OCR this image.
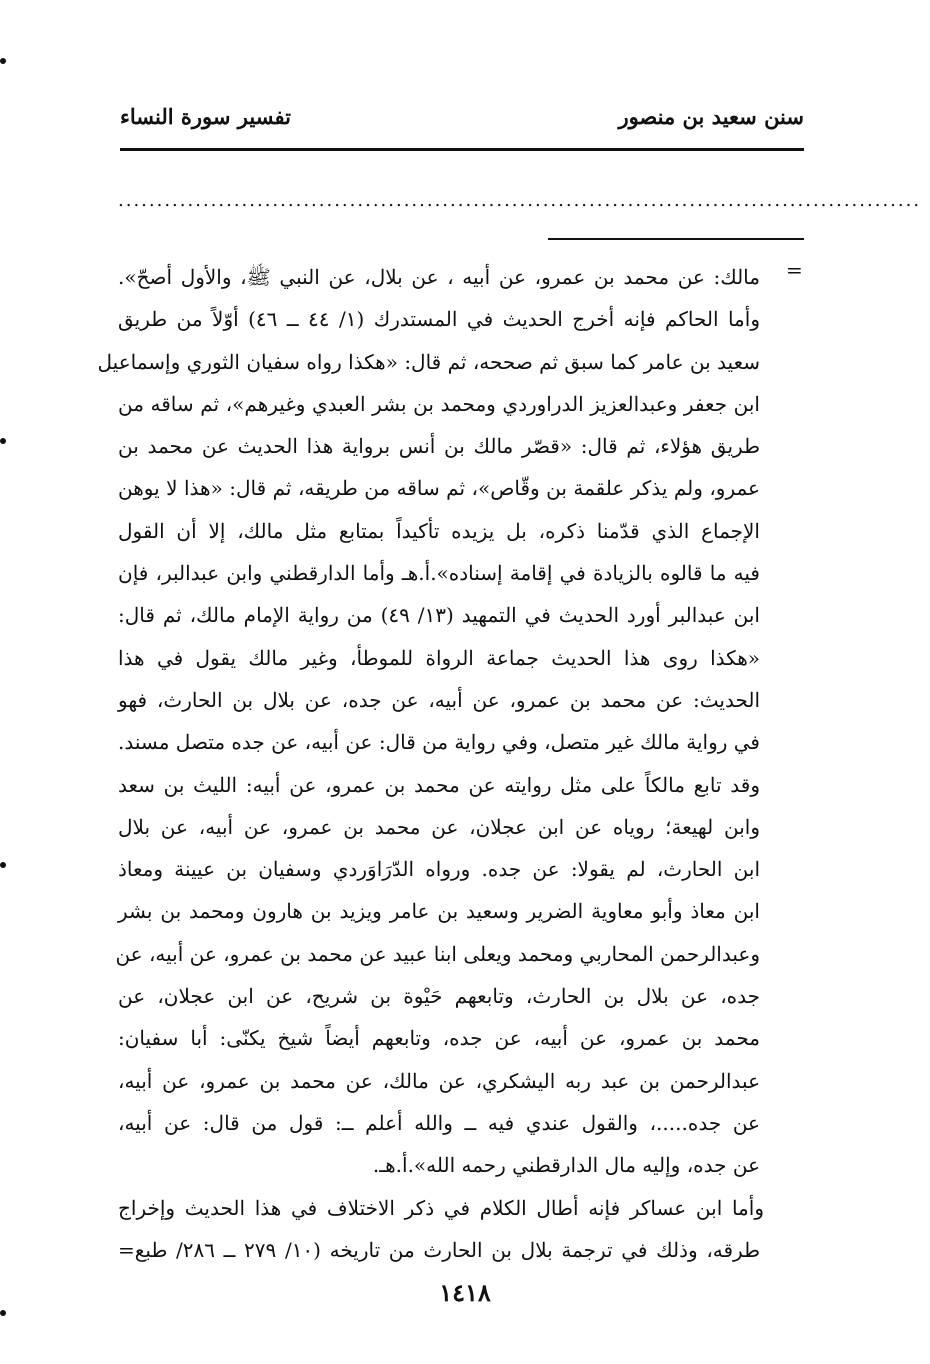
سنن سعيد بن منصور
تفسير سورة النساء
........................................................................................................
=
مالك: عن محمد بن عمرو، عن أبيه ، عن بلال، عن النبي ﷺ، والأول أصحّ».
وأما الحاكم فإنه أخرج الحديث في المستدرك (١/ ٤٤ ــ ٤٦) أوّلاً من طريق
سعيد بن عامر كما سبق ثم صححه، ثم قال: «هكذا رواه سفيان الثوري وإسماعيل
ابن جعفر وعبدالعزيز الدراوردي ومحمد بن بشر العبدي وغيرهم»، ثم ساقه من
طريق هؤلاء، ثم قال: «قصّر مالك بن أنس برواية هذا الحديث عن محمد بن
عمرو، ولم يذكر علقمة بن وقّاص»، ثم ساقه من طريقه، ثم قال: «هذا لا يوهن
الإجماع الذي قدّمنا ذكره، بل يزيده تأكيداً بمتابع مثل مالك، إلا أن القول
فيه ما قالوه بالزيادة في إقامة إسناده».أ.هـ وأما الدارقطني وابن عبدالبر، فإن
ابن عبدالبر أورد الحديث في التمهيد (١٣/ ٤٩) من رواية الإمام مالك، ثم قال:
«هكذا روى هذا الحديث جماعة الرواة للموطأ، وغير مالك يقول في هذا
الحديث: عن محمد بن عمرو، عن أبيه، عن جده، عن بلال بن الحارث، فهو
في رواية مالك غير متصل، وفي رواية من قال: عن أبيه، عن جده متصل مسند.
وقد تابع مالكاً على مثل روايته عن محمد بن عمرو، عن أبيه: الليث بن سعد
وابن لهيعة؛ روياه عن ابن عجلان، عن محمد بن عمرو، عن أبيه، عن بلال
ابن الحارث، لم يقولا: عن جده. ورواه الدّرَاوَردي وسفيان بن عيينة ومعاذ
ابن معاذ وأبو معاوية الضرير وسعيد بن عامر ويزيد بن هارون ومحمد بن بشر
وعبدالرحمن المحاربي ومحمد ويعلى ابنا عبيد عن محمد بن عمرو، عن أبيه، عن
جده، عن بلال بن الحارث، وتابعهم حَيْوة بن شريح، عن ابن عجلان، عن
محمد بن عمرو، عن أبيه، عن جده، وتابعهم أيضاً شيخ يكنّى: أبا سفيان:
عبدالرحمن بن عبد ربه اليشكري، عن مالك، عن محمد بن عمرو، عن أبيه،
عن جده.....، والقول عندي فيه ــ والله أعلم ــ: قول من قال: عن أبيه،
عن جده، وإليه مال الدارقطني رحمه الله».أ.هـ.
وأما ابن عساكر فإنه أطال الكلام في ذكر الاختلاف في هذا الحديث وإخراج
طرقه، وذلك في ترجمة بلال بن الحارث من تاريخه (١٠/ ٢٧٩ ــ ٢٨٦/ طبع=
١٤١٨
